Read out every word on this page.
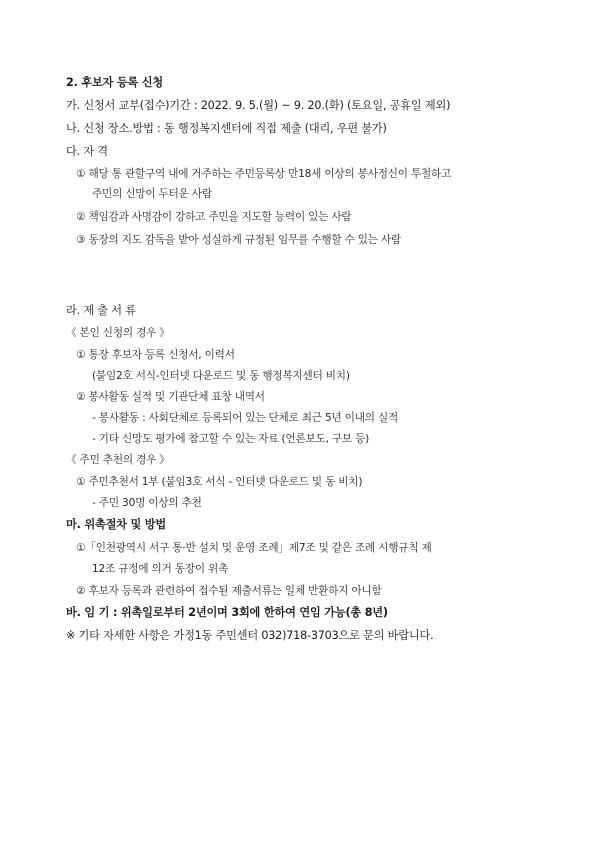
2. 후보자 등록 신청
가. 신청서 교부(접수)기간 : 2022. 9. 5.(월) ~ 9. 20.(화) (토요일, 공휴일 제외)
나. 신청 장소.방법 : 동 행정복지센터에 직접 제출 (대리, 우편 불가)
다. 자 격
① 해당 통 관할구역 내에 거주하는 주민등록상 만18세 이상의 봉사정신이 투철하고
주민의 신망이 두터운 사람
② 책임감과 사명감이 강하고 주민을 지도할 능력이 있는 사람
③ 동장의 지도 감독을 받아 성실하게 규정된 임무를 수행할 수 있는 사람
라. 제 출 서 류
《 본인 신청의 경우 》
① 통장 후보자 등록 신청서, 이력서
(붙임2호 서식-인터넷 다운로드 및 동 행정복지센터 비치)
② 봉사활동 실적 및 기관단체 표창 내역서
- 봉사활동 : 사회단체로 등록되어 있는 단체로 최근 5년 이내의 실적
- 기타 신망도 평가에 참고할 수 있는 자료 (언론보도, 구보 등)
《 주민 추천의 경우 》
① 주민추천서 1부 (붙임3호 서식 - 인터넷 다운로드 및 동 비치)
- 주민 30명 이상의 추천
마. 위촉절차 및 방법
①「인천광역시 서구 통·반 설치 및 운영 조례」제7조 및 같은 조례 시행규칙 제
12조 규정에 의거 동장이 위촉
② 후보자 등록과 관련하여 접수된 제출서류는 일체 반환하지 아니함
바. 임 기 : 위촉일로부터 2년이며 3회에 한하여 연임 가능(총 8년)
※ 기타 자세한 사항은 가정1동 주민센터 032)718-3703으로 문의 바랍니다.
